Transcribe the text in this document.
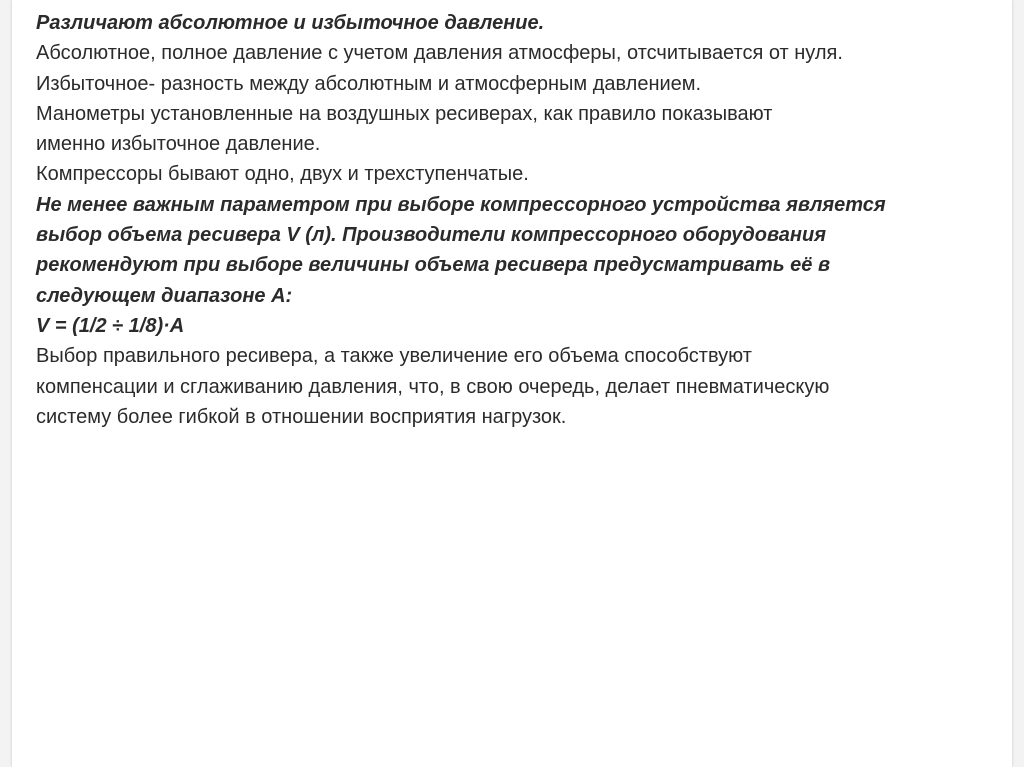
Различают абсолютное и избыточное давление.
Абсолютное, полное давление с учетом давления атмосферы, отсчитывается от нуля.
Избыточное- разность между абсолютным и атмосферным давлением.
Манометры установленные на воздушных ресиверах, как правило показывают
именно избыточное давление.
Компрессоры бывают одно, двух и трехступенчатые.
Не менее важным параметром при выборе компрессорного устройства является
выбор объема ресивера V (л). Производители компрессорного оборудования
рекомендуют при выборе величины объема ресивера предусматривать её в
следующем диапазоне A:
V = (1/2 ÷ 1/8)·A
Выбор правильного ресивера, а также увеличение его объема способствуют
компенсации и сглаживанию давления, что, в свою очередь, делает пневматическую
систему более гибкой в отношении восприятия нагрузок.
